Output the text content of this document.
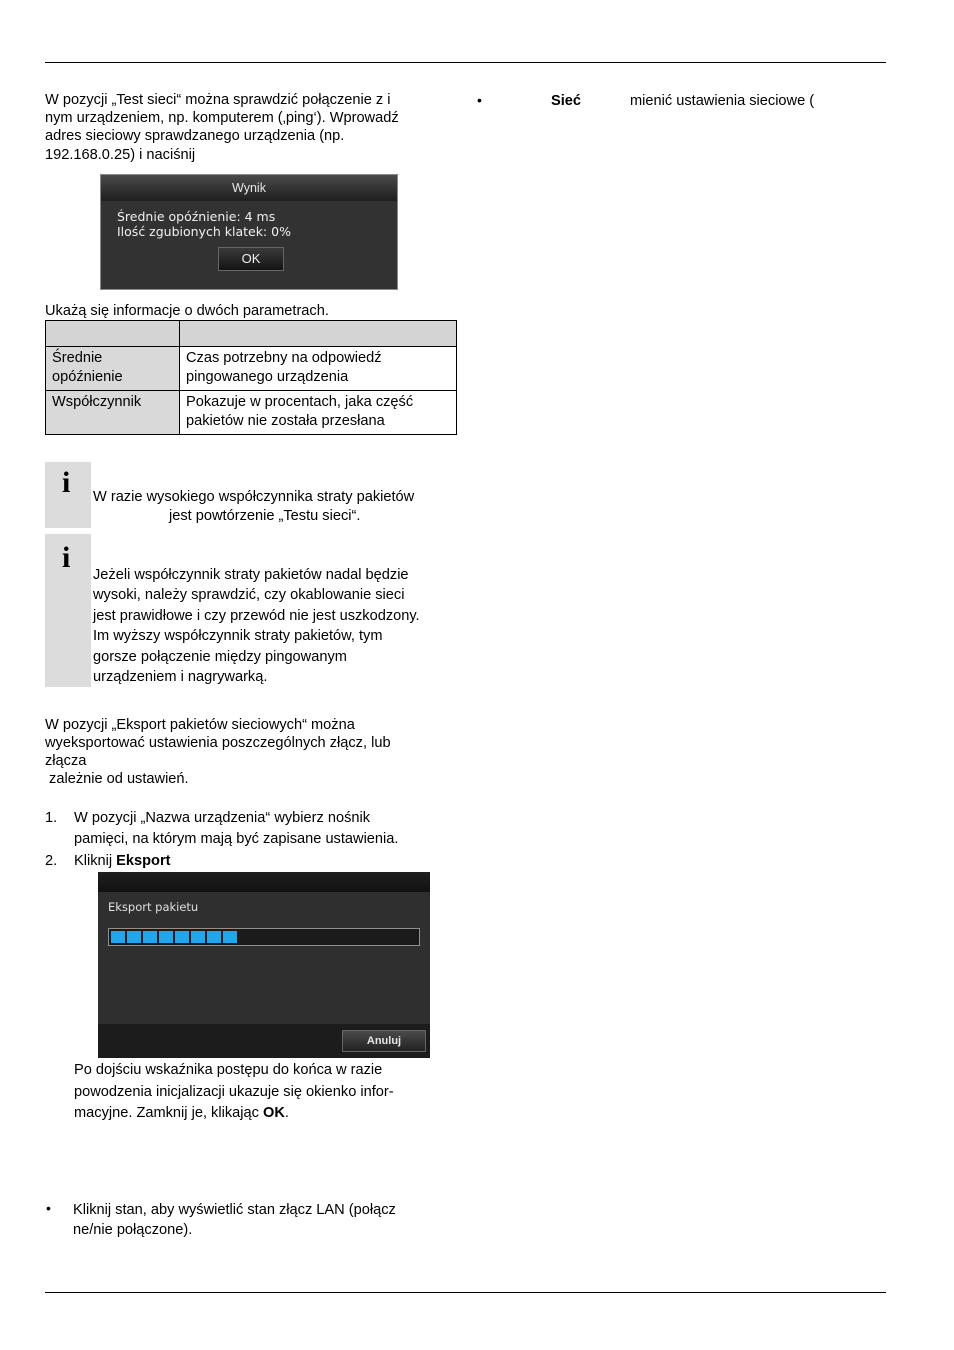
W pozycji „Test sieci“ można sprawdzić połączenie z i

nym urządzeniem, np. komputerem (‚ping‘). Wprowadź

adres sieciowy sprawdzanego urządzenia (np.

192.168.0.25) i naciśnij

Wynik
Średnie opóźnienie: 4 ms
Ilość zgubionych klatek: 0%
OK

Ukażą się informacje o dwóch parametrach.

Średnie
opóźnienie	Czas potrzebny na odpowiedź
pingowanego urządzenia
Współczynnik	Pokazuje w procentach, jaka część
pakietów nie została przesłana
i W razie wysokiego współczynnika straty pakietów

jest powtórzenie „Testu sieci“.

i

Jeżeli współczynnik straty pakietów nadal będzie

wysoki, należy sprawdzić, czy okablowanie sieci

jest prawidłowe i czy przewód nie jest uszkodzony.

Im wyższy współczynnik straty pakietów, tym

gorsze połączenie między pingowanym

urządzeniem i nagrywarką.

W pozycji „Eksport pakietów sieciowych“ można

wyeksportować ustawienia poszczególnych złącz, lub

złącza

zależnie od ustawień.

1. W pozycji „Nazwa urządzenia“ wybierz nośnik
pamięci, na którym mają być zapisane ustawienia.
2. Kliknij Eksport
Eksport pakietu
Anuluj
Po dojściu wskaźnika postępu do końca w razie
powodzenia inicjalizacji ukazuje się okienko infor-
macyjne. Zamknij je, klikając OK.
• Kliknij stan, aby wyświetlić stan złącz LAN (połącz

ne/nie połączone).

•	Sieć	mienić ustawienia sieciowe (
